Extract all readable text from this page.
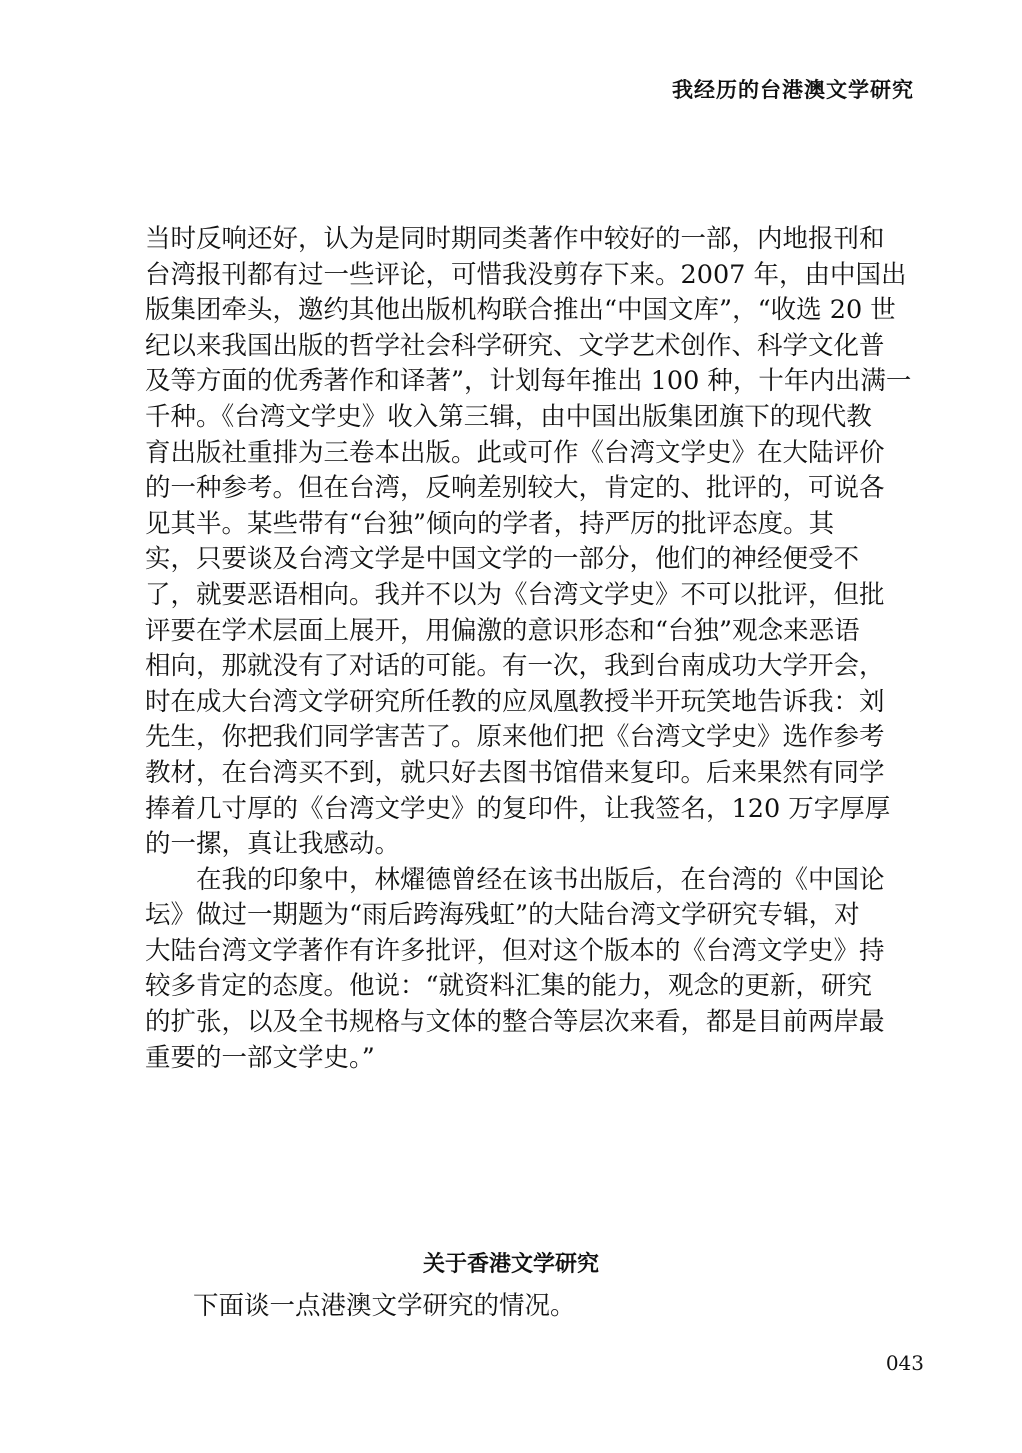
我经历的台港澳文学研究
当时反响还好，认为是同时期同类著作中较好的一部，内地报刊和
台湾报刊都有过一些评论，可惜我没剪存下来。2007 年，由中国出
版集团牵头，邀约其他出版机构联合推出“中国文库”，“收选 20 世
纪以来我国出版的哲学社会科学研究、文学艺术创作、科学文化普
及等方面的优秀著作和译著”，计划每年推出 100 种，十年内出满一
千种。《台湾文学史》收入第三辑，由中国出版集团旗下的现代教
育出版社重排为三卷本出版。此或可作《台湾文学史》在大陆评价
的一种参考。但在台湾，反响差别较大，肯定的、批评的，可说各
见其半。某些带有“台独”倾向的学者，持严厉的批评态度。其
实，只要谈及台湾文学是中国文学的一部分，他们的神经便受不
了，就要恶语相向。我并不以为《台湾文学史》不可以批评，但批
评要在学术层面上展开，用偏激的意识形态和“台独”观念来恶语
相向，那就没有了对话的可能。有一次，我到台南成功大学开会，
时在成大台湾文学研究所任教的应凤凰教授半开玩笑地告诉我：刘
先生，你把我们同学害苦了。原来他们把《台湾文学史》选作参考
教材，在台湾买不到，就只好去图书馆借来复印。后来果然有同学
捧着几寸厚的《台湾文学史》的复印件，让我签名，120 万字厚厚
的一摞，真让我感动。
　　在我的印象中，林燿德曾经在该书出版后，在台湾的《中国论
坛》做过一期题为“雨后跨海残虹”的大陆台湾文学研究专辑，对
大陆台湾文学著作有许多批评，但对这个版本的《台湾文学史》持
较多肯定的态度。他说：“就资料汇集的能力，观念的更新，研究
的扩张，以及全书规格与文体的整合等层次来看，都是目前两岸最
重要的一部文学史。”
关于香港文学研究
下面谈一点港澳文学研究的情况。
043
